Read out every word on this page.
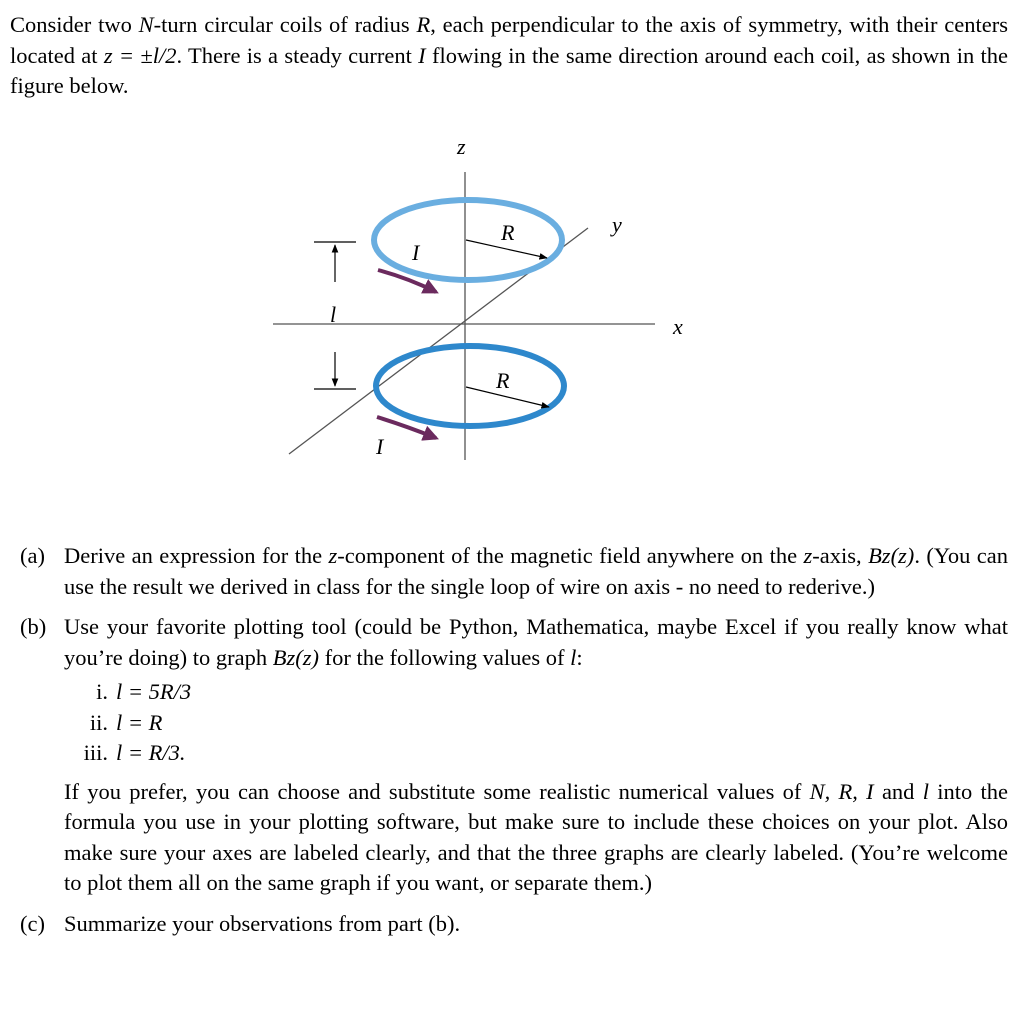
Consider two N-turn circular coils of radius R, each perpendicular to the axis of symmetry, with their centers located at z = ±l/2. There is a steady current I flowing in the same direction around each coil, as shown in the figure below.

z
y
x
l
R
R
I
I
(a) Derive an expression for the z-component of the magnetic field anywhere on the z-axis, Bz(z). (You can use the result we derived in class for the single loop of wire on axis - no need to rederive.)
(b) Use your favorite plotting tool (could be Python, Mathematica, maybe Excel if you really know what you’re doing) to graph Bz(z) for the following values of l:
i. l = 5R/3
ii. l = R
iii. l = R/3.
If you prefer, you can choose and substitute some realistic numerical values of N, R, I and l into the formula you use in your plotting software, but make sure to include these choices on your plot. Also make sure your axes are labeled clearly, and that the three graphs are clearly labeled. (You’re welcome to plot them all on the same graph if you want, or separate them.)
(c) Summarize your observations from part (b).
